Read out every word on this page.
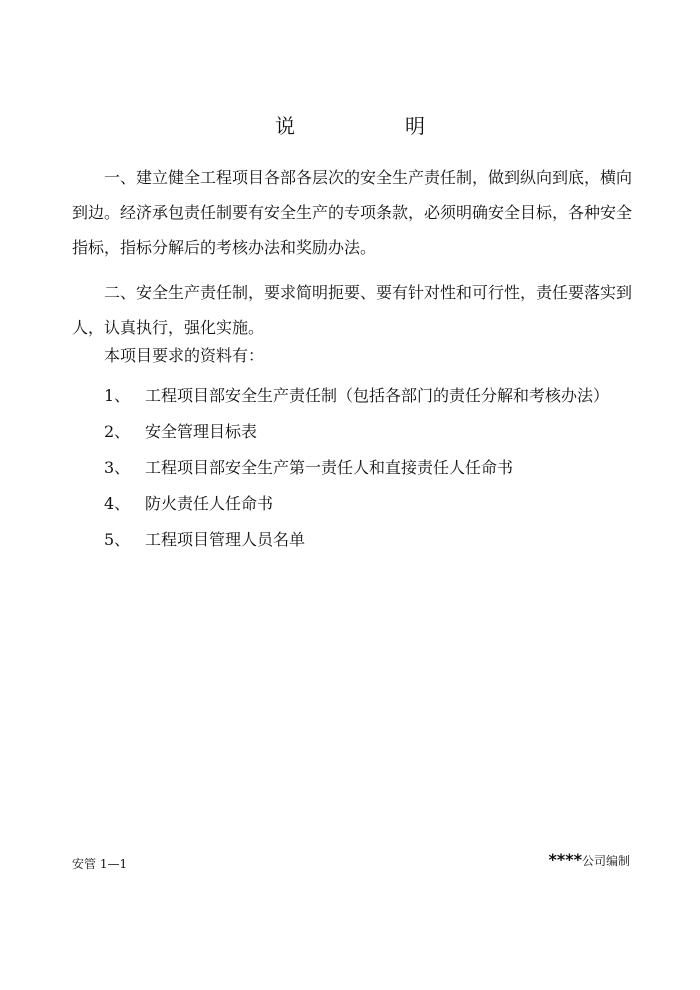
说	明
一、建立健全工程项目各部各层次的安全生产责任制，做到纵向到底，横向到边。经济承包责任制要有安全生产的专项条款，必须明确安全目标，各种安全指标，指标分解后的考核办法和奖励办法。
二、安全生产责任制，要求简明扼要、要有针对性和可行性，责任要落实到人，认真执行，强化实施。
本项目要求的资料有：
1、 工程项目部安全生产责任制（包括各部门的责任分解和考核办法）
2、 安全管理目标表
3、 工程项目部安全生产第一责任人和直接责任人任命书
4、 防火责任人任命书
5、 工程项目管理人员名单
安管 1—1	****公司编制
